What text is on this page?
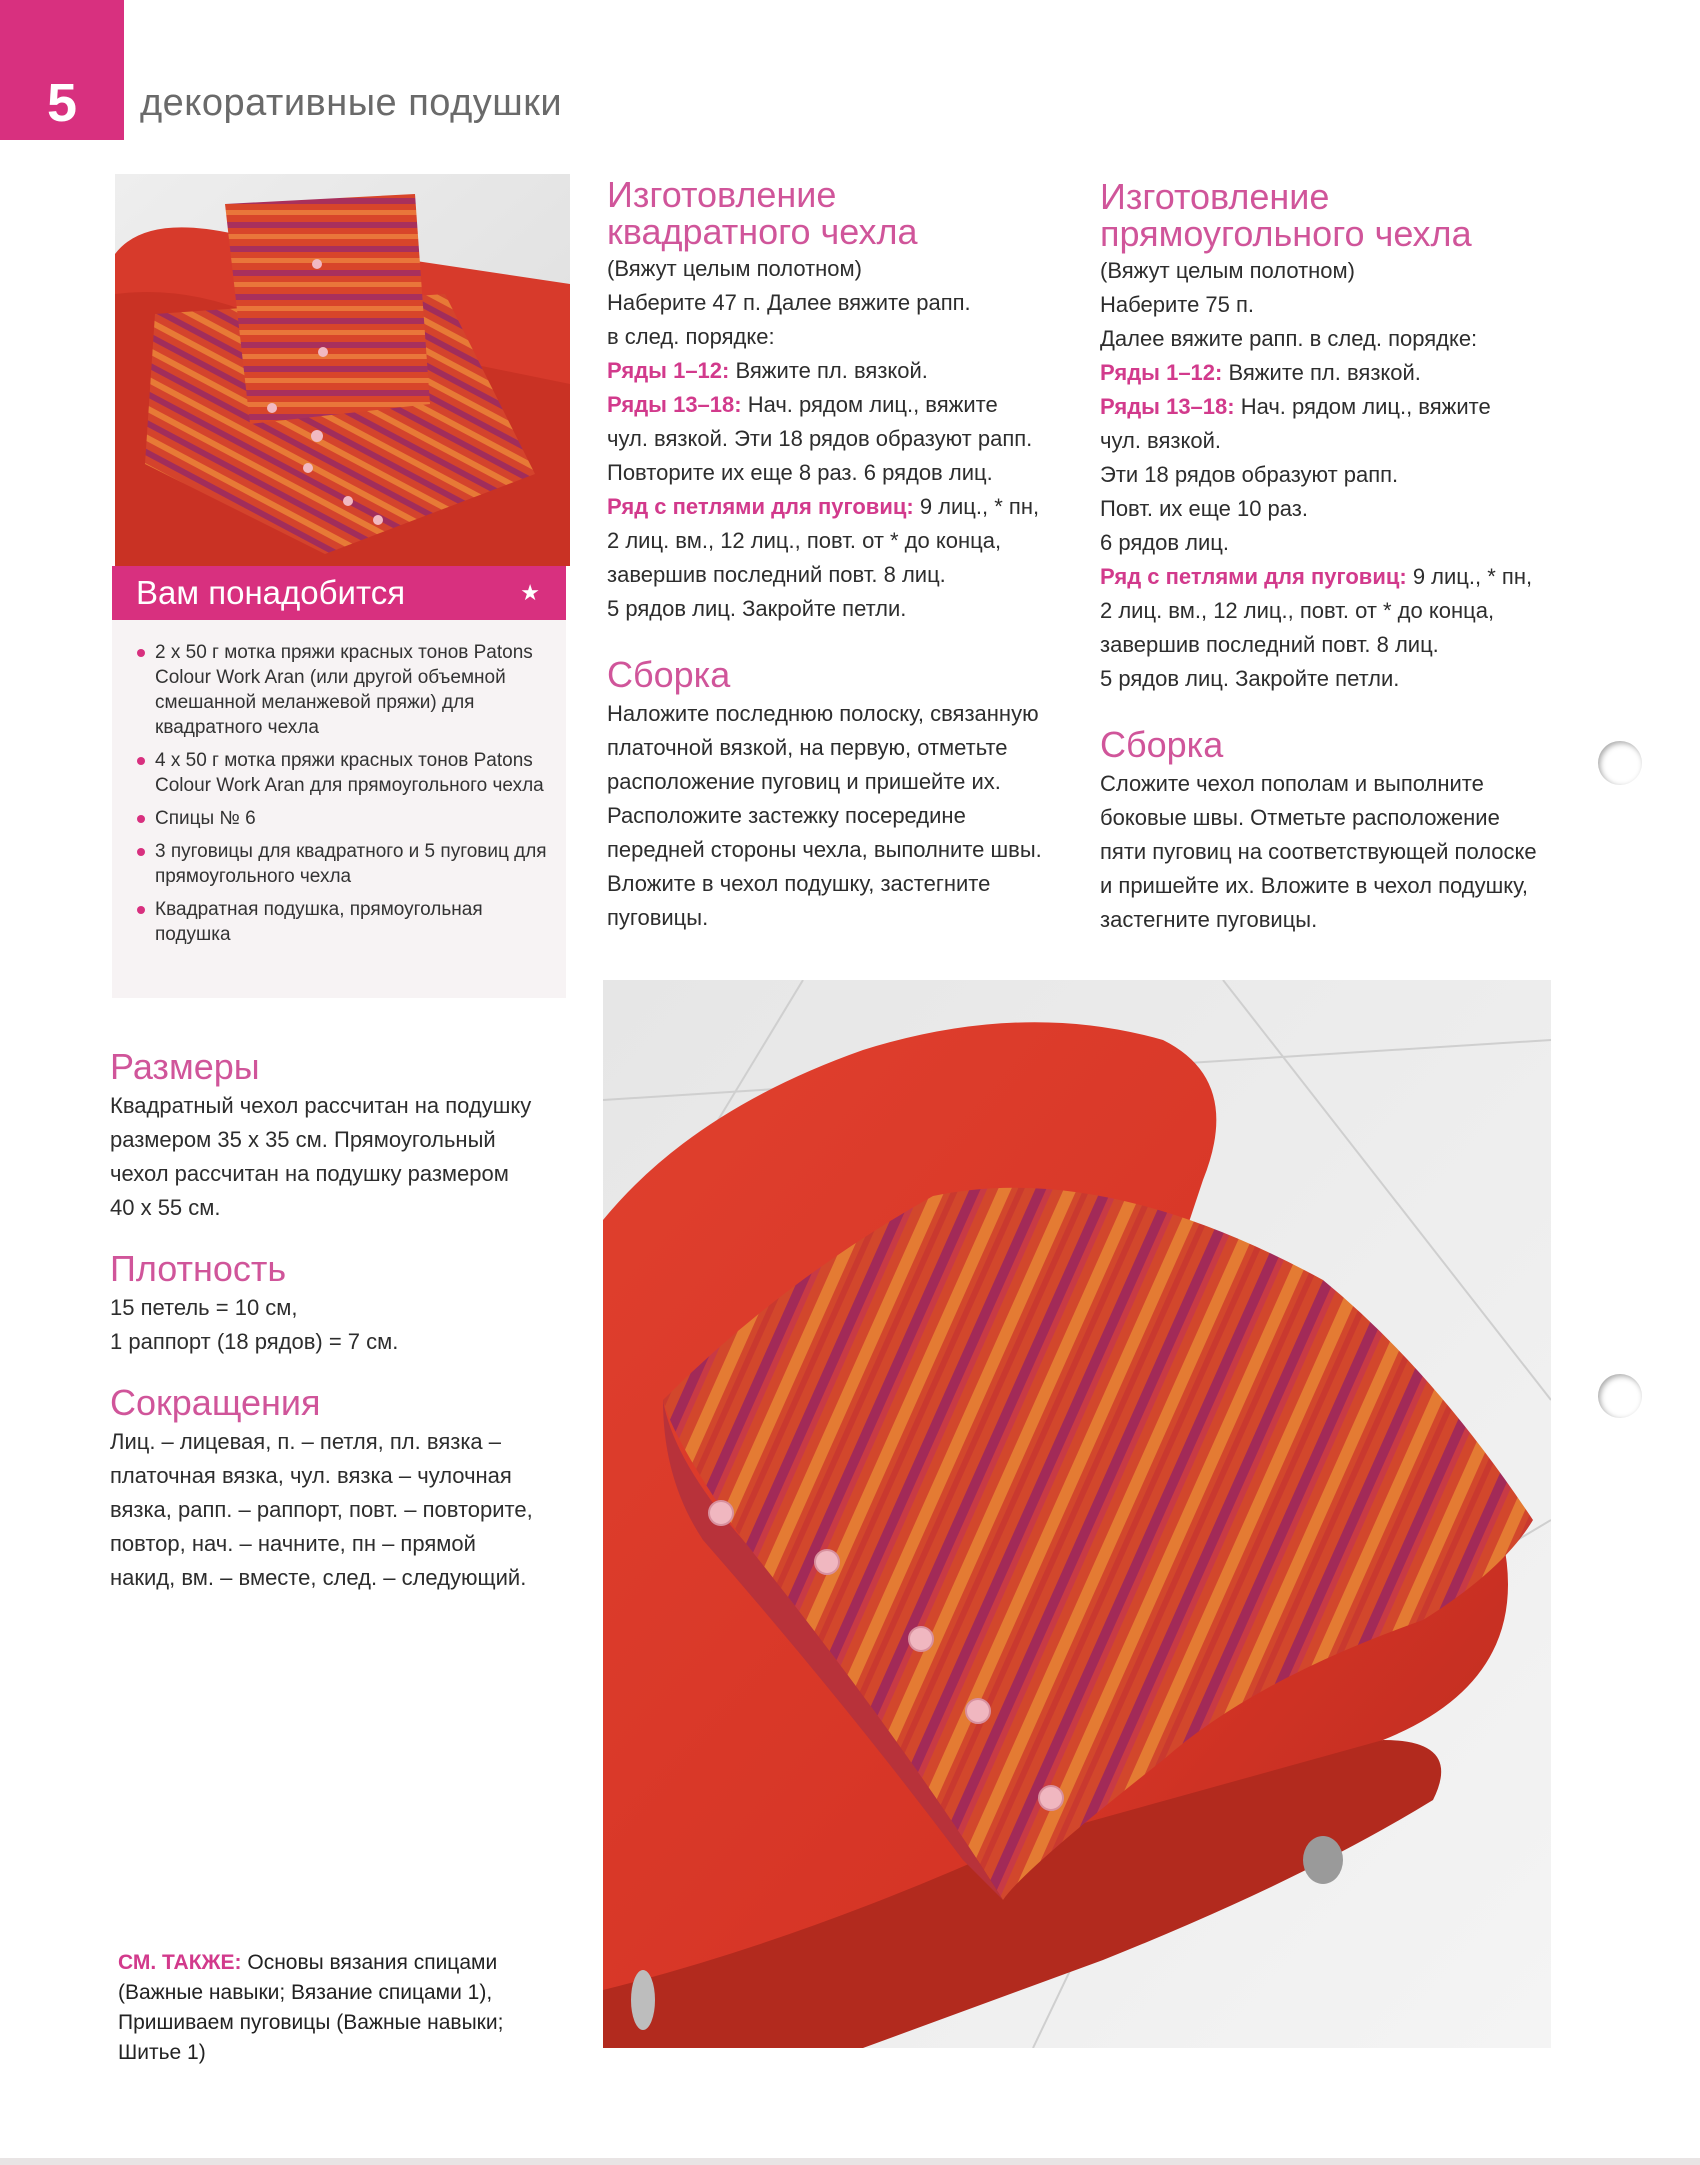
5	декоративные подушки
Вам понадобится	★
2 х 50 г мотка пряжи красных тонов Patons Colour Work Aran (или другой объемной смешанной меланжевой пряжи) для квадратного чехла
4 х 50 г мотка пряжи красных тонов Patons Colour Work Aran для прямоугольного чехла
Спицы № 6
3 пуговицы для квадратного и 5 пуговиц для прямоугольного чехла
Квадратная подушка, прямоугольная подушка
Изготовление
квадратного чехла

(Вяжут целым полотном)

Наберите 47 п. Далее вяжите рапп.

в след. порядке:

Ряды 1–12: Вяжите пл. вязкой.

Ряды 13–18: Нач. рядом лиц., вяжите

чул. вязкой. Эти 18 рядов образуют рапп.

Повторите их еще 8 раз. 6 рядов лиц.

Ряд с петлями для пуговиц: 9 лиц., * пн,

2 лиц. вм., 12 лиц., повт. от * до конца,

завершив последний повт. 8 лиц.

5 рядов лиц. Закройте петли.

Сборка

Наложите последнюю полоску, связанную

платочной вязкой, на первую, отметьте

расположение пуговиц и пришейте их.

Расположите застежку посередине

передней стороны чехла, выполните швы.

Вложите в чехол подушку, застегните

пуговицы.

Изготовление
прямоугольного чехла

(Вяжут целым полотном)

Наберите 75 п.

Далее вяжите рапп. в след. порядке:

Ряды 1–12: Вяжите пл. вязкой.

Ряды 13–18: Нач. рядом лиц., вяжите

чул. вязкой.

Эти 18 рядов образуют рапп.

Повт. их еще 10 раз.

6 рядов лиц.

Ряд с петлями для пуговиц: 9 лиц., * пн,

2 лиц. вм., 12 лиц., повт. от * до конца,

завершив последний повт. 8 лиц.

5 рядов лиц. Закройте петли.

Сборка

Сложите чехол пополам и выполните

боковые швы. Отметьте расположение

пяти пуговиц на соответствующей полоске

и пришейте их. Вложите в чехол подушку,

застегните пуговицы.

Размеры

Квадратный чехол рассчитан на подушку

размером 35 х 35 см. Прямоугольный

чехол рассчитан на подушку размером

40 х 55 см.

Плотность

15 петель = 10 см,

1 раппорт (18 рядов) = 7 см.

Сокращения

Лиц. – лицевая, п. – петля, пл. вязка –

платочная вязка, чул. вязка – чулочная

вязка, рапп. – раппорт, повт. – повторите,

повтор, нач. – начните, пн – прямой

накид, вм. – вместе, след. – следующий.

СМ. ТАКЖЕ: Основы вязания спицами (Важные навыки; Вязание спицами 1), Пришиваем пуговицы (Важные навыки; Шитье 1)
